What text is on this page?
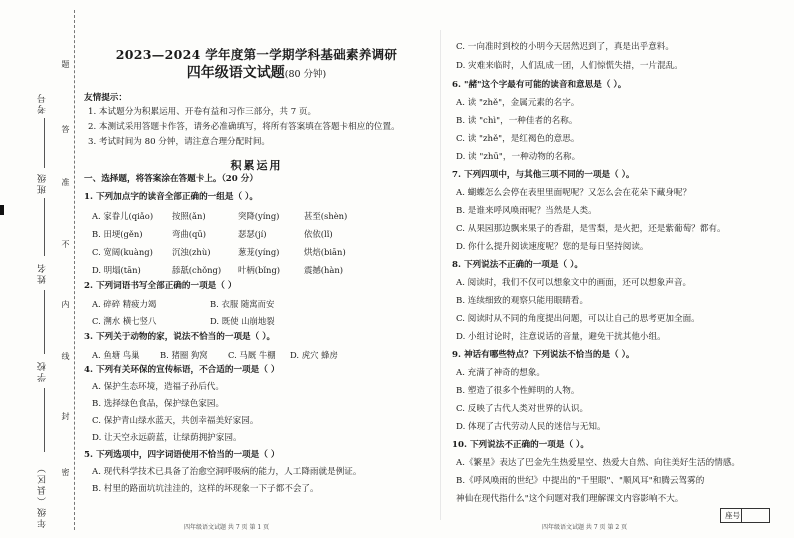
考号
班级
姓名
学校
年级（县区）
题
答
准
不
内
线
封
密
2023—2024 学年度第一学期学科基础素养调研
四年级语文试题(80 分钟)
友情提示：
1. 本试题分为积累运用、开卷有益和习作三部分，共 7 页。
2. 本测试采用答题卡作答，请务必准确填写，将所有答案填在答题卡相应的位置。
3. 考试时间为 80 分钟，请注意合理分配时间。
积累运用
一、选择题，将答案涂在答题卡上。（20 分）
1. 下列加点字的读音全部正确的一组是（ ）。
A. 家眷儿(qiǎo) 按照(ǎn)	突降(yíng)	甚至(shèn)
B. 田埂(gěn)	弯曲(qū)	瑟瑟(jí)	依依(lǐ)
C. 宽阔(kuàng) 沉浊(zhù)	葱茏(yíng)	烘焙(biān)
D. 明塌(tān)	舔舐(chǒng) 叶柄(bǐng)	震撼(hàn)
2. 下列词语书写全部正确的一项是（ ）
A. 碎碎 精疲力竭	B. 衣服 随寓而安
C. 溯水 横七竖八	D. 既使 山崩地裂
3. 下列关于动物的家，说法不恰当的一项是（ ）。
A. 鱼塘 鸟巢 B. 猪圈 狗窝 C. 马厩 牛棚 D. 虎穴 蜂房
4. 下列有关环保的宣传标语，不合适的一项是（ ）
A. 保护生态环境，造福子孙后代。
B. 选择绿色食品，保护绿色家园。
C. 保护青山绿水蓝天，共创幸福美好家园。
D. 让天空永远蔚蓝，让绿荫拥护家园。
5. 下列选项中，四字词语使用不恰当的一项是（ ）
A. 现代科学技术已具备了治愈空洞呼吸病的能力，人工降雨就是例证。
B. 村里的路面坑坑洼洼的，这样的坏现象一下子都不会了。
四年级语文试题 共 7 页 第 1 页
C. 一向准时到校的小明今天居然迟到了，真是出乎意料。
D. 灾难来临时，人们乱成一团，人们惊慌失措，一片混乱。
6. "赭"这个字最有可能的读音和意思是（ ）。
A. 读 "zhě"，金属元素的名字。
B. 读 "chì"，一种佳者的名称。
C. 读 "zhě"，是红褐色的意思。
D. 读 "zhū"，一种动物的名称。
7. 下列四项中，与其他三项不同的一项是（ ）。
A. 蝴蝶怎么会停在表里里面呢呢？又怎么会在花朵下藏身呢？
B. 是谁来呼风唤雨呢？当然是人类。
C. 从果园那边飘来果子的香甜，是雪梨，是火把，还是紫葡萄？都有。
D. 你什么提升阅读速度呢？您的是每日坚持阅读。
8. 下列说法不正确的一项是（ ）。
A. 阅读时，我们不仅可以想象文中的画面，还可以想象声音。
B. 连续细致的观察只能用眼睛看。
C. 阅读时从不同的角度提出问题，可以让自己的思考更加全面。
D. 小组讨论时，注意说话的音量，避免干扰其他小组。
9. 神话有哪些特点？下列说法不恰当的是（ ）。
A. 充满了神奇的想象。
B. 塑造了很多个性鲜明的人物。
C. 反映了古代人类对世界的认识。
D. 体现了古代劳动人民的迷信与无知。
10. 下列说法不正确的一项是（ ）。
A.《繁星》表达了巴金先生热爱星空、热爱大自然、向往美好生活的情感。
B.《呼风唤雨的世纪》中提出的"千里眼"、"顺风耳"和腾云驾雾的
神仙在现代指什么"这个问题对我们理解课文内容影响不大。
四年级语文试题 共 7 页 第 2 页
座号
